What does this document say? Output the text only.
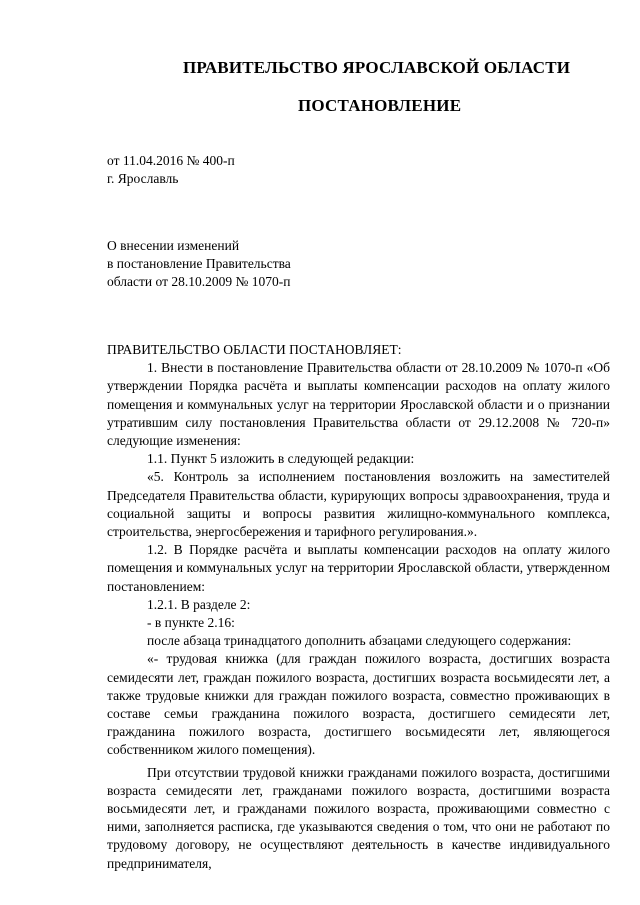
ПРАВИТЕЛЬСТВО ЯРОСЛАВСКОЙ ОБЛАСТИ
ПОСТАНОВЛЕНИЕ
от 11.04.2016 № 400-п
г. Ярославль
О внесении изменений
в постановление Правительства
области от 28.10.2009 № 1070-п

ПРАВИТЕЛЬСТВО ОБЛАСТИ ПОСТАНОВЛЯЕТ:

1. Внести в постановление Правительства области от 28.10.2009 № 1070-п «Об утверждении Порядка расчёта и выплаты компенсации расходов на оплату жилого помещения и коммунальных услуг на территории Ярославской области и о признании утратившим силу постановления Правительства области от 29.12.2008 № 720-п» следующие изменения:

1.1. Пункт 5 изложить в следующей редакции:

«5. Контроль за исполнением постановления возложить на заместителей Председателя Правительства области, курирующих вопросы здравоохранения, труда и социальной защиты и вопросы развития жилищно-коммунального комплекса, строительства, энергосбережения и тарифного регулирования.».

1.2. В Порядке расчёта и выплаты компенсации расходов на оплату жилого помещения и коммунальных услуг на территории Ярославской области, утвержденном постановлением:

1.2.1. В разделе 2:

- в пункте 2.16:

после абзаца тринадцатого дополнить абзацами следующего содержания:

«- трудовая книжка (для граждан пожилого возраста, достигших возраста семидесяти лет, граждан пожилого возраста, достигших возраста восьмидесяти лет, а также трудовые книжки для граждан пожилого возраста, совместно проживающих в составе семьи гражданина пожилого возраста, достигшего семидесяти лет, гражданина пожилого возраста, достигшего восьмидесяти лет, являющегося собственником жилого помещения).

При отсутствии трудовой книжки гражданами пожилого возраста, достигшими возраста семидесяти лет, гражданами пожилого возраста, достигшими возраста восьмидесяти лет, и гражданами пожилого возраста, проживающими совместно с ними, заполняется расписка, где указываются сведения о том, что они не работают по трудовому договору, не осуществляют деятельность в качестве индивидуального предпринимателя,
